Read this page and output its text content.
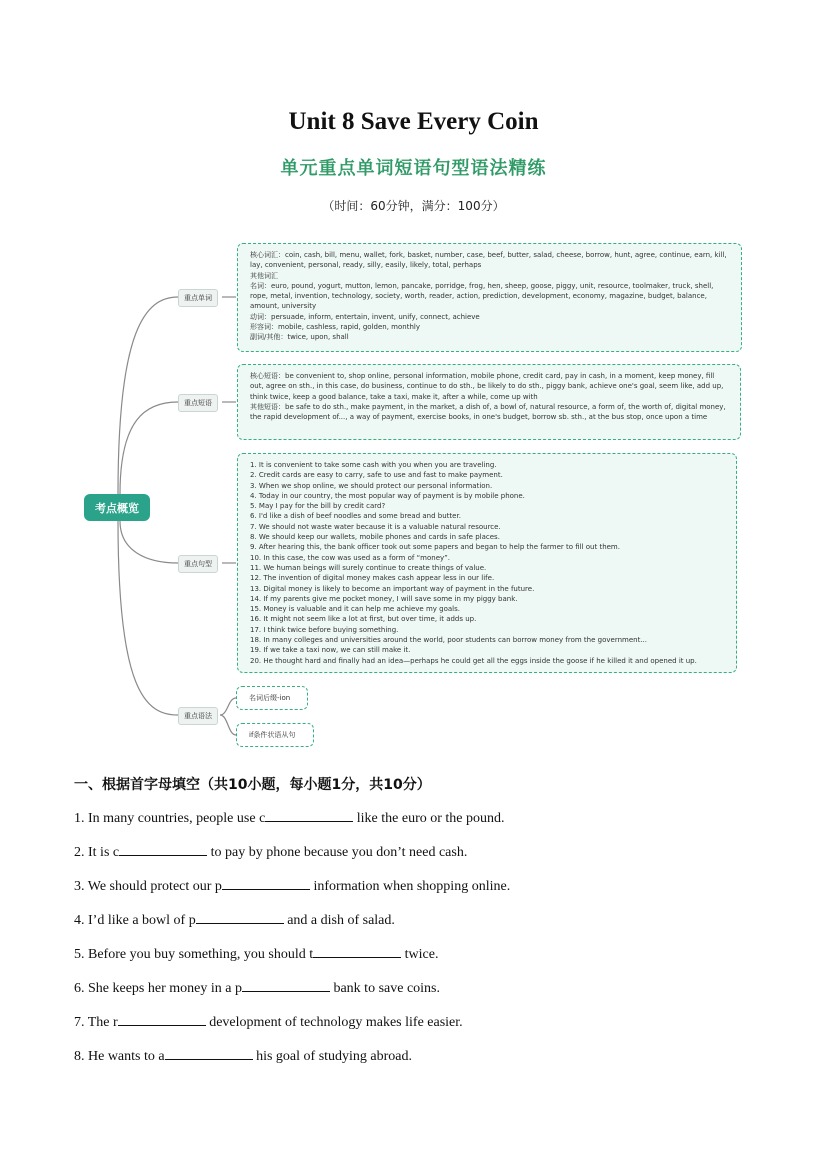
Unit 8 Save Every Coin
单元重点单词短语句型语法精练
（时间：60分钟，满分：100分）
考点概览
重点单词
重点短语
重点句型
重点语法
核心词汇：coin, cash, bill, menu, wallet, fork, basket, number, case, beef, butter, salad, cheese, borrow, hunt, agree, continue, earn, kill, lay, convenient, personal, ready, silly, easily, likely, total, perhaps
其他词汇
名词：euro, pound, yogurt, mutton, lemon, pancake, porridge, frog, hen, sheep, goose, piggy, unit, resource, toolmaker, truck, shell, rope, metal, invention, technology, society, worth, reader, action, prediction, development, economy, magazine, budget, balance, amount, university
动词：persuade, inform, entertain, invent, unify, connect, achieve
形容词：mobile, cashless, rapid, golden, monthly
副词/其他：twice, upon, shall
核心短语：be convenient to, shop online, personal information, mobile phone, credit card, pay in cash, in a moment, keep money, fill out, agree on sth., in this case, do business, continue to do sth., be likely to do sth., piggy bank, achieve one's goal, seem like, add up, think twice, keep a good balance, take a taxi, make it, after a while, come up with
其他短语：be safe to do sth., make payment, in the market, a dish of, a bowl of, natural resource, a form of, the worth of, digital money, the rapid development of..., a way of payment, exercise books, in one's budget, borrow sb. sth., at the bus stop, once upon a time
1. It is convenient to take some cash with you when you are traveling.
2. Credit cards are easy to carry, safe to use and fast to make payment.
3. When we shop online, we should protect our personal information.
4. Today in our country, the most popular way of payment is by mobile phone.
5. May I pay for the bill by credit card?
6. I'd like a dish of beef noodles and some bread and butter.
7. We should not waste water because it is a valuable natural resource.
8. We should keep our wallets, mobile phones and cards in safe places.
9. After hearing this, the bank officer took out some papers and began to help the farmer to fill out them.
10. In this case, the cow was used as a form of “money”.
11. We human beings will surely continue to create things of value.
12. The invention of digital money makes cash appear less in our life.
13. Digital money is likely to become an important way of payment in the future.
14. If my parents give me pocket money, I will save some in my piggy bank.
15. Money is valuable and it can help me achieve my goals.
16. It might not seem like a lot at first, but over time, it adds up.
17. I think twice before buying something.
18. In many colleges and universities around the world, poor students can borrow money from the government...
19. If we take a taxi now, we can still make it.
20. He thought hard and finally had an idea—perhaps he could get all the eggs inside the goose if he killed it and opened it up.
名词后缀-ion
if条件状语从句
一、根据首字母填空（共10小题，每小题1分，共10分）
1. In many countries, people use c	like the euro or the pound.
2. It is c	to pay by phone because you don’t need cash.
3. We should protect our p	information when shopping online.
4. I’d like a bowl of p	and a dish of salad.
5. Before you buy something, you should t	twice.
6. She keeps her money in a p	bank to save coins.
7. The r	development of technology makes life easier.
8. He wants to a	his goal of studying abroad.
